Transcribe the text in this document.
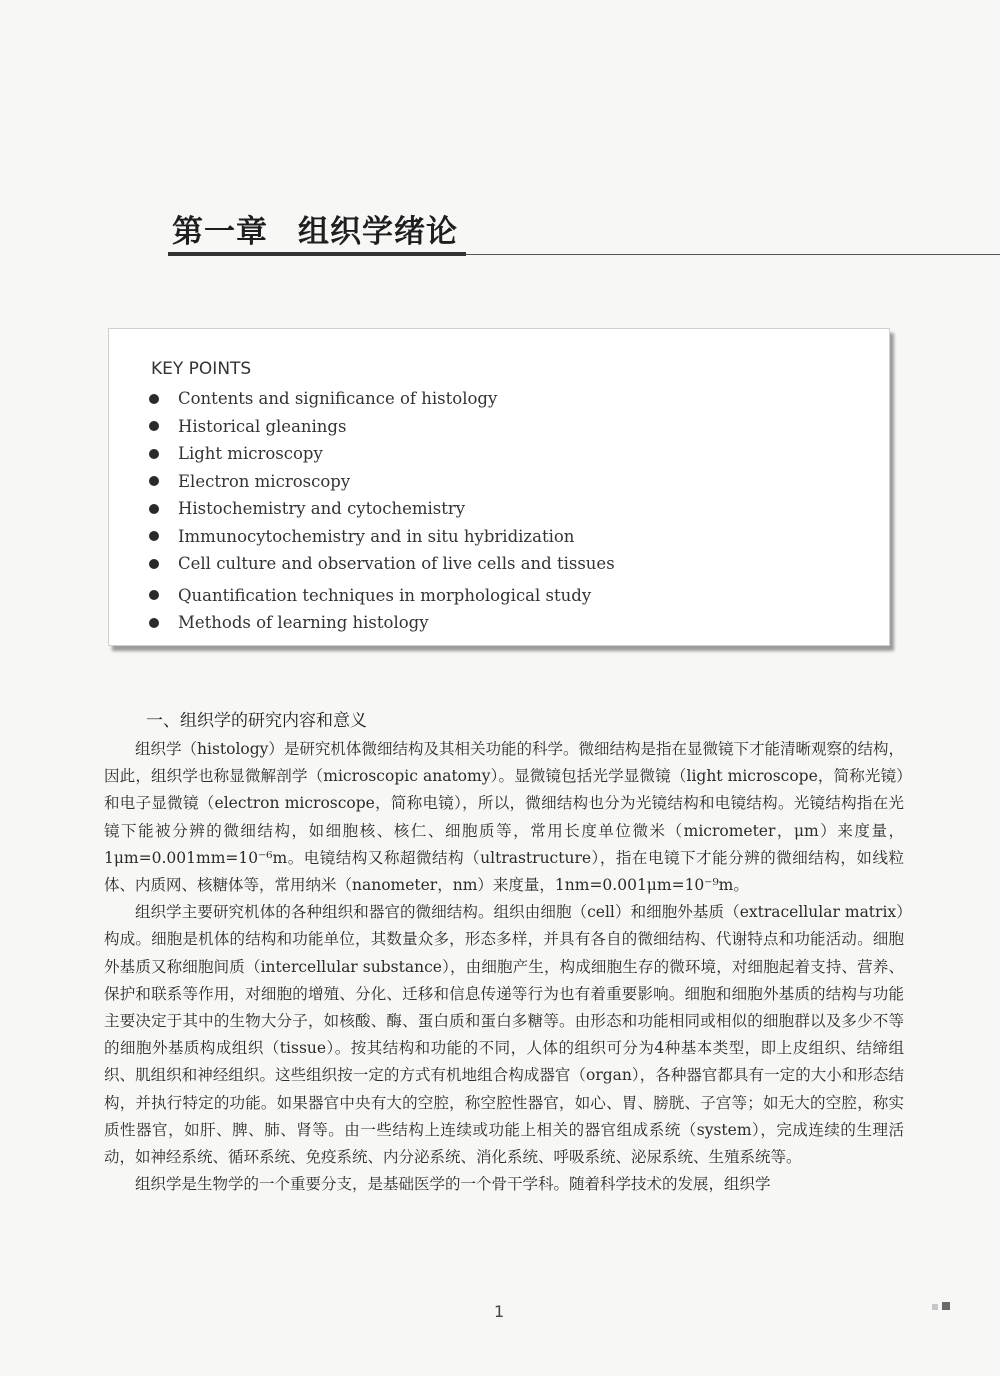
第一章 组织学绪论
KEY POINTS
Contents and significance of histology
Historical gleanings
Light microscopy
Electron microscopy
Histochemistry and cytochemistry
Immunocytochemistry and in situ hybridization
Cell culture and observation of live cells and tissues
Quantification techniques in morphological study
Methods of learning histology
一、组织学的研究内容和意义

组织学（histology）是研究机体微细结构及其相关功能的科学。微细结构是指在显微镜下才能清晰观察的结构，因此，组织学也称显微解剖学（microscopic anatomy）。显微镜包括光学显微镜（light microscope，简称光镜）和电子显微镜（electron microscope，简称电镜），所以，微细结构也分为光镜结构和电镜结构。光镜结构指在光镜下能被分辨的微细结构，如细胞核、核仁、细胞质等，常用长度单位微米（micrometer，μm）来度量，1μm=0.001mm=10⁻⁶m。电镜结构又称超微结构（ultrastructure），指在电镜下才能分辨的微细结构，如线粒体、内质网、核糖体等，常用纳米（nanometer，nm）来度量，1nm=0.001μm=10⁻⁹m。

组织学主要研究机体的各种组织和器官的微细结构。组织由细胞（cell）和细胞外基质（extracellular matrix）构成。细胞是机体的结构和功能单位，其数量众多，形态多样，并具有各自的微细结构、代谢特点和功能活动。细胞外基质又称细胞间质（intercellular substance），由细胞产生，构成细胞生存的微环境，对细胞起着支持、营养、保护和联系等作用，对细胞的增殖、分化、迁移和信息传递等行为也有着重要影响。细胞和细胞外基质的结构与功能主要决定于其中的生物大分子，如核酸、酶、蛋白质和蛋白多糖等。由形态和功能相同或相似的细胞群以及多少不等的细胞外基质构成组织（tissue）。按其结构和功能的不同，人体的组织可分为4种基本类型，即上皮组织、结缔组织、肌组织和神经组织。这些组织按一定的方式有机地组合构成器官（organ），各种器官都具有一定的大小和形态结构，并执行特定的功能。如果器官中央有大的空腔，称空腔性器官，如心、胃、膀胱、子宫等；如无大的空腔，称实质性器官，如肝、脾、肺、肾等。由一些结构上连续或功能上相关的器官组成系统（system），完成连续的生理活动，如神经系统、循环系统、免疫系统、内分泌系统、消化系统、呼吸系统、泌尿系统、生殖系统等。

组织学是生物学的一个重要分支，是基础医学的一个骨干学科。随着科学技术的发展，组织学

1
